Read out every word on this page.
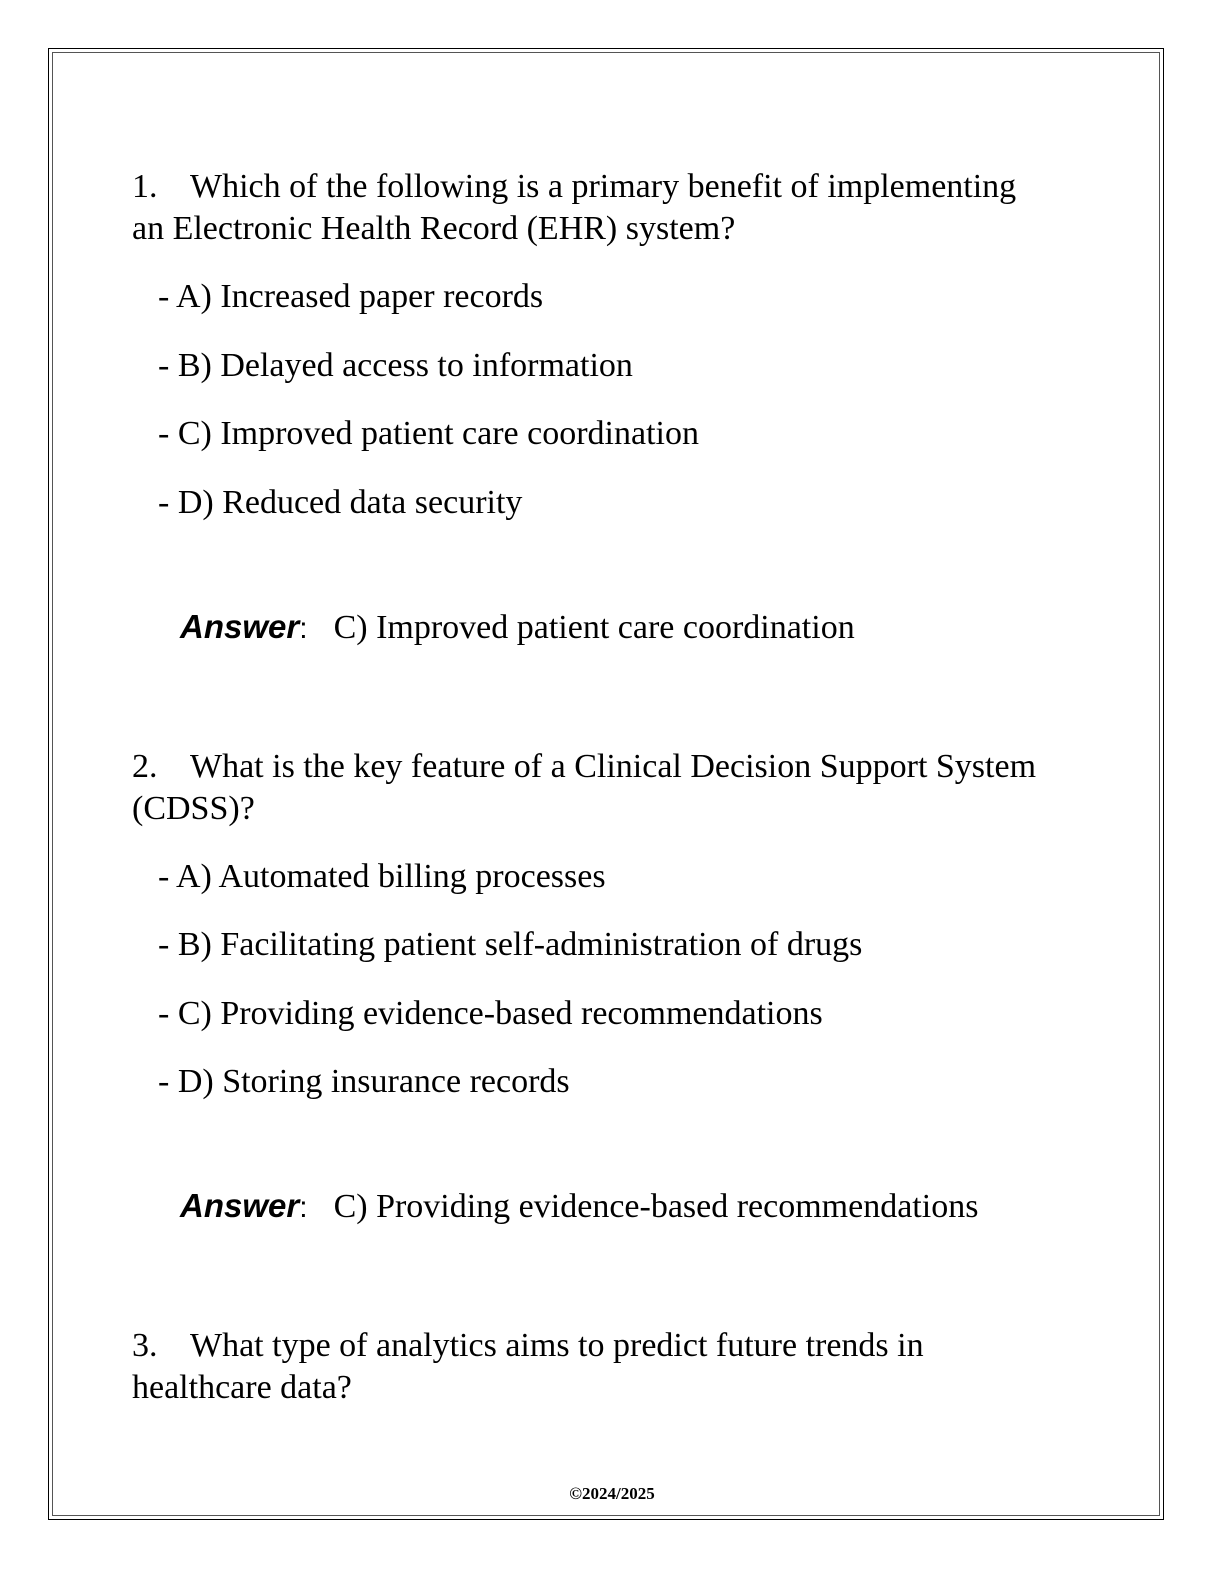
1. Which of the following is a primary benefit of implementing
an Electronic Health Record (EHR) system?

- A) Increased paper records

- B) Delayed access to information

- C) Improved patient care coordination

- D) Reduced data security

Answer: C) Improved patient care coordination

2. What is the key feature of a Clinical Decision Support System
(CDSS)?

- A) Automated billing processes

- B) Facilitating patient self-administration of drugs

- C) Providing evidence-based recommendations

- D) Storing insurance records

Answer: C) Providing evidence-based recommendations

3. What type of analytics aims to predict future trends in
healthcare data?

©2024/2025
